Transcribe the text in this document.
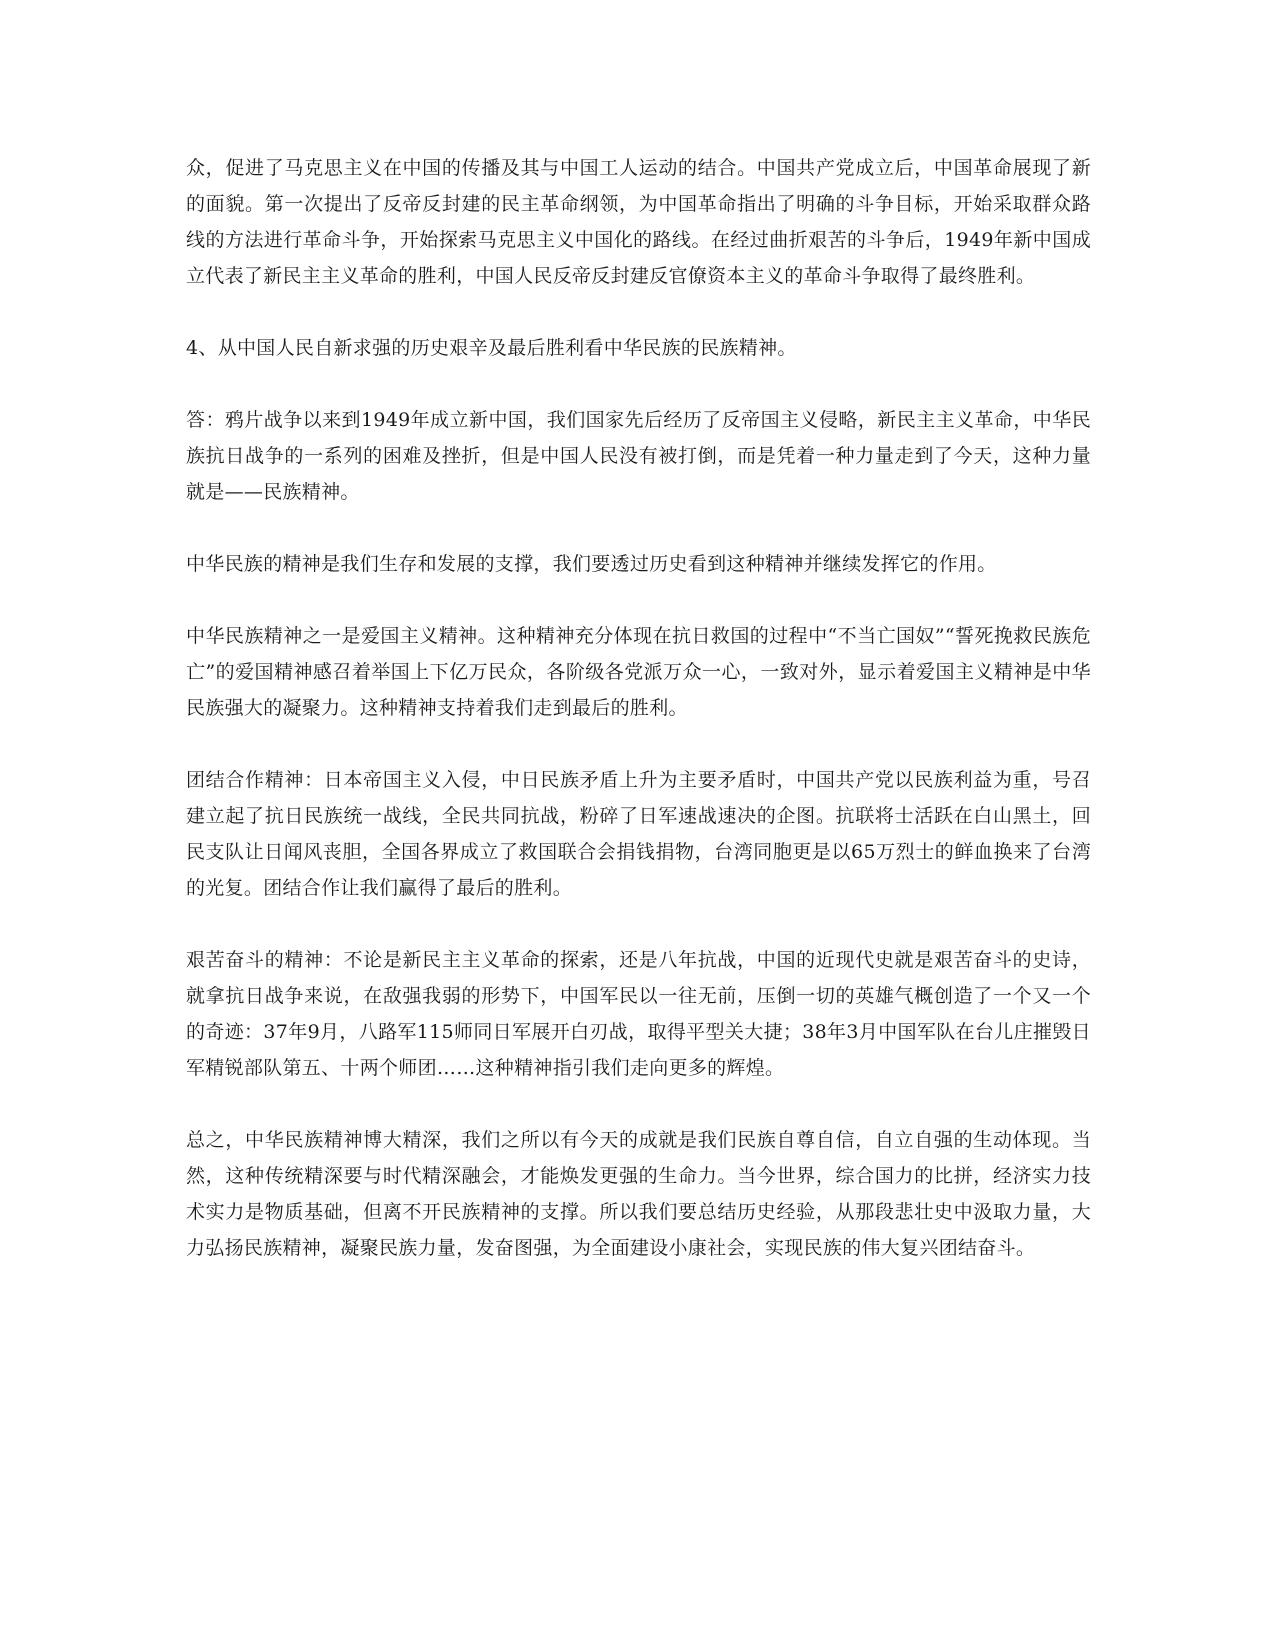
众，促进了马克思主义在中国的传播及其与中国工人运动的结合。中国共产党成立后，中国革命展现了新的面貌。第一次提出了反帝反封建的民主革命纲领，为中国革命指出了明确的斗争目标，开始采取群众路线的方法进行革命斗争，开始探索马克思主义中国化的路线。在经过曲折艰苦的斗争后，1949年新中国成立代表了新民主主义革命的胜利，中国人民反帝反封建反官僚资本主义的革命斗争取得了最终胜利。

4、从中国人民自新求强的历史艰辛及最后胜利看中华民族的民族精神。

答：鸦片战争以来到1949年成立新中国，我们国家先后经历了反帝国主义侵略，新民主主义革命，中华民族抗日战争的一系列的困难及挫折，但是中国人民没有被打倒，而是凭着一种力量走到了今天，这种力量就是——民族精神。

中华民族的精神是我们生存和发展的支撑，我们要透过历史看到这种精神并继续发挥它的作用。

中华民族精神之一是爱国主义精神。这种精神充分体现在抗日救国的过程中“不当亡国奴”“誓死挽救民族危亡”的爱国精神感召着举国上下亿万民众，各阶级各党派万众一心，一致对外，显示着爱国主义精神是中华民族强大的凝聚力。这种精神支持着我们走到最后的胜利。

团结合作精神：日本帝国主义入侵，中日民族矛盾上升为主要矛盾时，中国共产党以民族利益为重，号召建立起了抗日民族统一战线，全民共同抗战，粉碎了日军速战速决的企图。抗联将士活跃在白山黑土，回民支队让日闻风丧胆，全国各界成立了救国联合会捐钱捐物，台湾同胞更是以65万烈士的鲜血换来了台湾的光复。团结合作让我们赢得了最后的胜利。

艰苦奋斗的精神：不论是新民主主义革命的探索，还是八年抗战，中国的近现代史就是艰苦奋斗的史诗，就拿抗日战争来说，在敌强我弱的形势下，中国军民以一往无前，压倒一切的英雄气概创造了一个又一个的奇迹：37年9月，八路军115师同日军展开白刃战，取得平型关大捷；38年3月中国军队在台儿庄摧毁日军精锐部队第五、十两个师团……这种精神指引我们走向更多的辉煌。

总之，中华民族精神博大精深，我们之所以有今天的成就是我们民族自尊自信，自立自强的生动体现。当然，这种传统精深要与时代精深融会，才能焕发更强的生命力。当今世界，综合国力的比拼，经济实力技术实力是物质基础，但离不开民族精神的支撑。所以我们要总结历史经验，从那段悲壮史中汲取力量，大力弘扬民族精神，凝聚民族力量，发奋图强，为全面建设小康社会，实现民族的伟大复兴团结奋斗。
